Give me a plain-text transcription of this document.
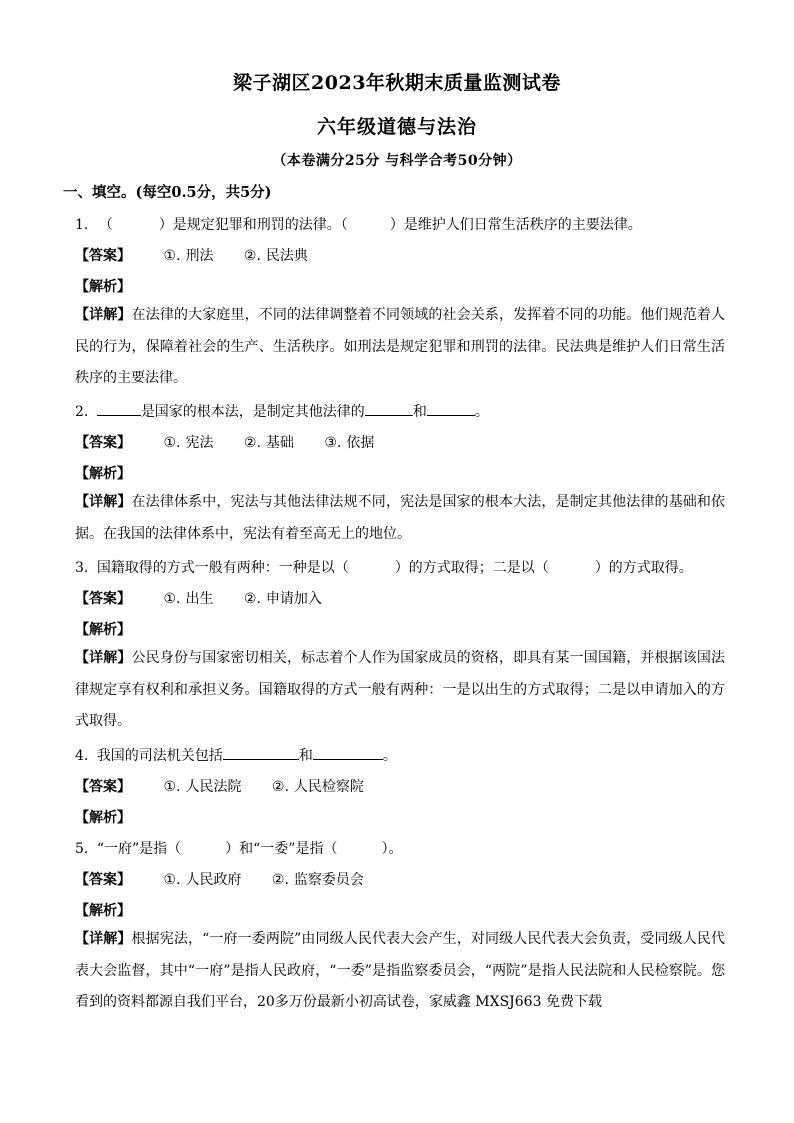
梁子湖区2023年秋期末质量监测试卷
六年级道德与法治
（本卷满分25分 与科学合考50分钟）
一、填空。(每空0.5分，共5分)
1. （	）是规定犯罪和刑罚的法律。（	）是维护人们日常生活秩序的主要法律。
【答案】 ①. 刑法 ②. 民法典
【解析】
【详解】在法律的大家庭里，不同的法律调整着不同领域的社会关系，发挥着不同的功能。他们规范着人民的行为，保障着社会的生产、生活秩序。如刑法是规定犯罪和刑罚的法律。民法典是维护人们日常生活秩序的主要法律。
2.	是国家的根本法，是制定其他法律的	和	。
【答案】 ①. 宪法 ②. 基础 ③. 依据
【解析】
【详解】在法律体系中，宪法与其他法律法规不同，宪法是国家的根本大法，是制定其他法律的基础和依据。在我国的法律体系中，宪法有着至高无上的地位。
3. 国籍取得的方式一般有两种：一种是以（	）的方式取得；二是以（	）的方式取得。
【答案】 ①. 出生 ②. 申请加入
【解析】
【详解】公民身份与国家密切相关，标志着个人作为国家成员的资格，即具有某一国国籍，并根据该国法律规定享有权利和承担义务。国籍取得的方式一般有两种：一是以出生的方式取得；二是以申请加入的方式取得。
4. 我国的司法机关包括	和	。
【答案】 ①. 人民法院 ②. 人民检察院
【解析】
5. “一府”是指（	）和“一委”是指（	）。
【答案】 ①. 人民政府 ②. 监察委员会
【解析】
【详解】根据宪法，“一府一委两院”由同级人民代表大会产生，对同级人民代表大会负责，受同级人民代表大会监督，其中“一府”是指人民政府，“一委”是指监察委员会，“两院”是指人民法院和人民检察院。您看到的资料都源自我们平台，20多万份最新小初高试卷，家威鑫 MXSJ663 免费下载
